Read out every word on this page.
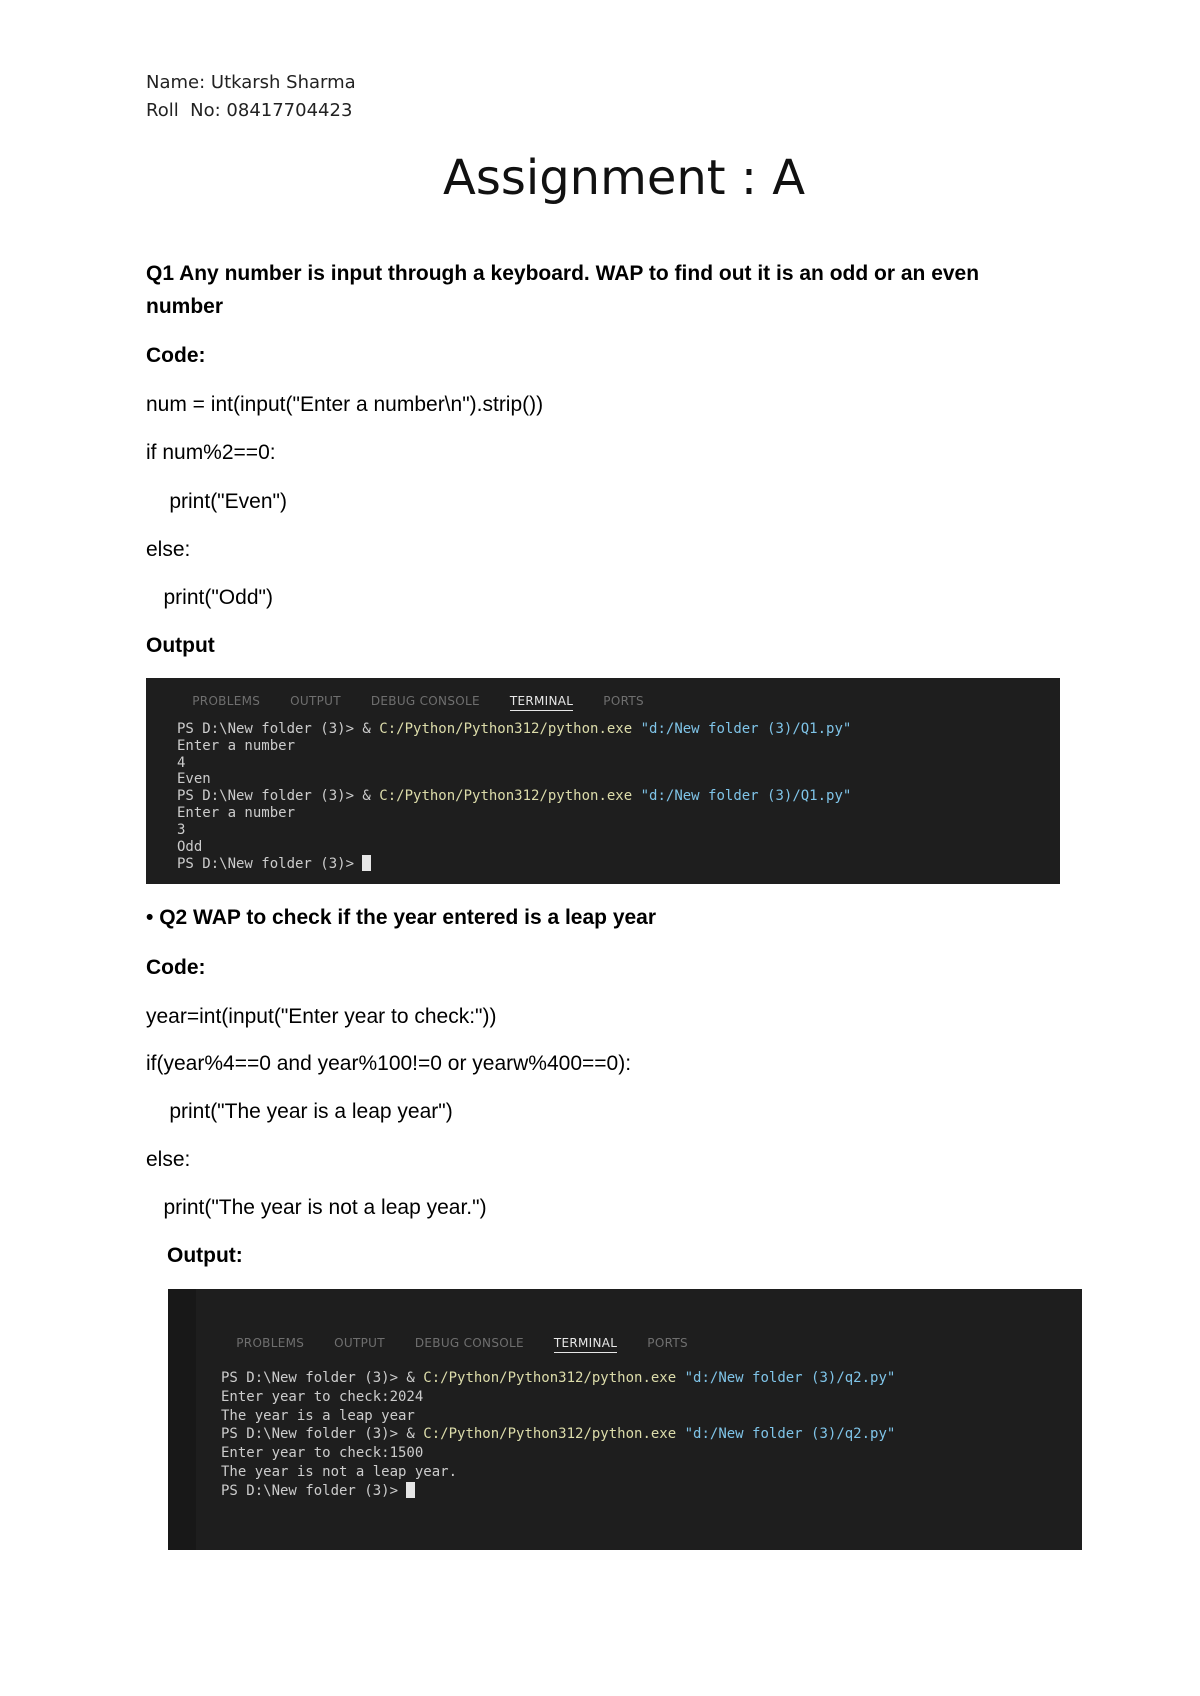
Name: Utkarsh Sharma
Roll  No: 08417704423
Assignment : A
Q1 Any number is input through a keyboard. WAP to find out it is an odd or an even
number
Code:
num = int(input("Enter a number\n").strip())
if num%2==0:
print("Even")
else:
print("Odd")
Output

PROBLEMS	OUTPUT	DEBUG CONSOLE	TERMINAL	PORTS

PS D:\New folder (3)> & C:/Python/Python312/python.exe "d:/New folder (3)/Q1.py"
Enter a number
4
Even
PS D:\New folder (3)> & C:/Python/Python312/python.exe "d:/New folder (3)/Q1.py"
Enter a number
3
Odd
PS D:\New folder (3)>
• Q2 WAP to check if the year entered is a leap year
Code:
year=int(input("Enter year to check:"))
if(year%4==0 and year%100!=0 or yearw%400==0):
print("The year is a leap year")
else:
print("The year is not a leap year.")
Output:

PROBLEMS	OUTPUT	DEBUG CONSOLE	TERMINAL	PORTS

PS D:\New folder (3)> & C:/Python/Python312/python.exe "d:/New folder (3)/q2.py"
Enter year to check:2024
The year is a leap year
PS D:\New folder (3)> & C:/Python/Python312/python.exe "d:/New folder (3)/q2.py"
Enter year to check:1500
The year is not a leap year.
PS D:\New folder (3)>
